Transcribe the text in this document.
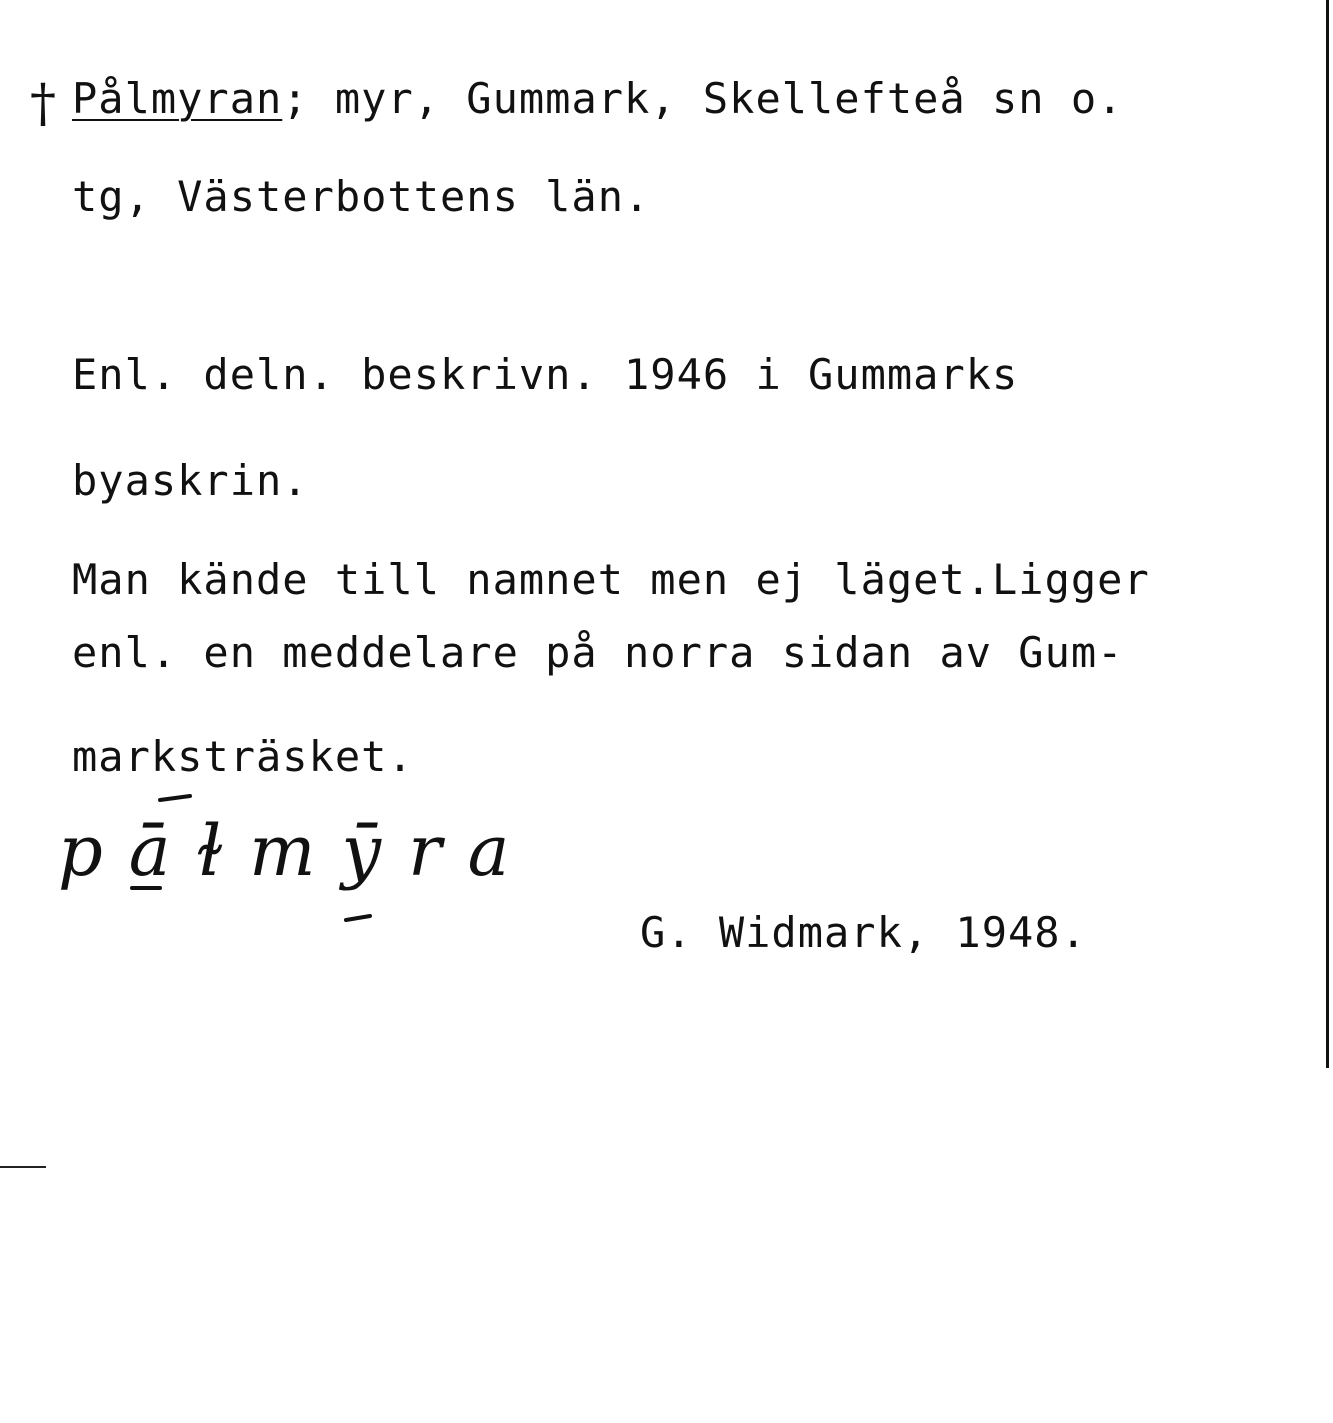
† Pålmyran; myr, Gummark, Skellefteå sn o.
tg, Västerbottens län.
Enl. deln. beskrivn. 1946 i Gummarks
byaskrin.
Man kände till namnet men ej läget.Ligger
enl. en meddelare på norra sidan av Gum-
marksträsket.
pāɫmӯra
G. Widmark, 1948.
